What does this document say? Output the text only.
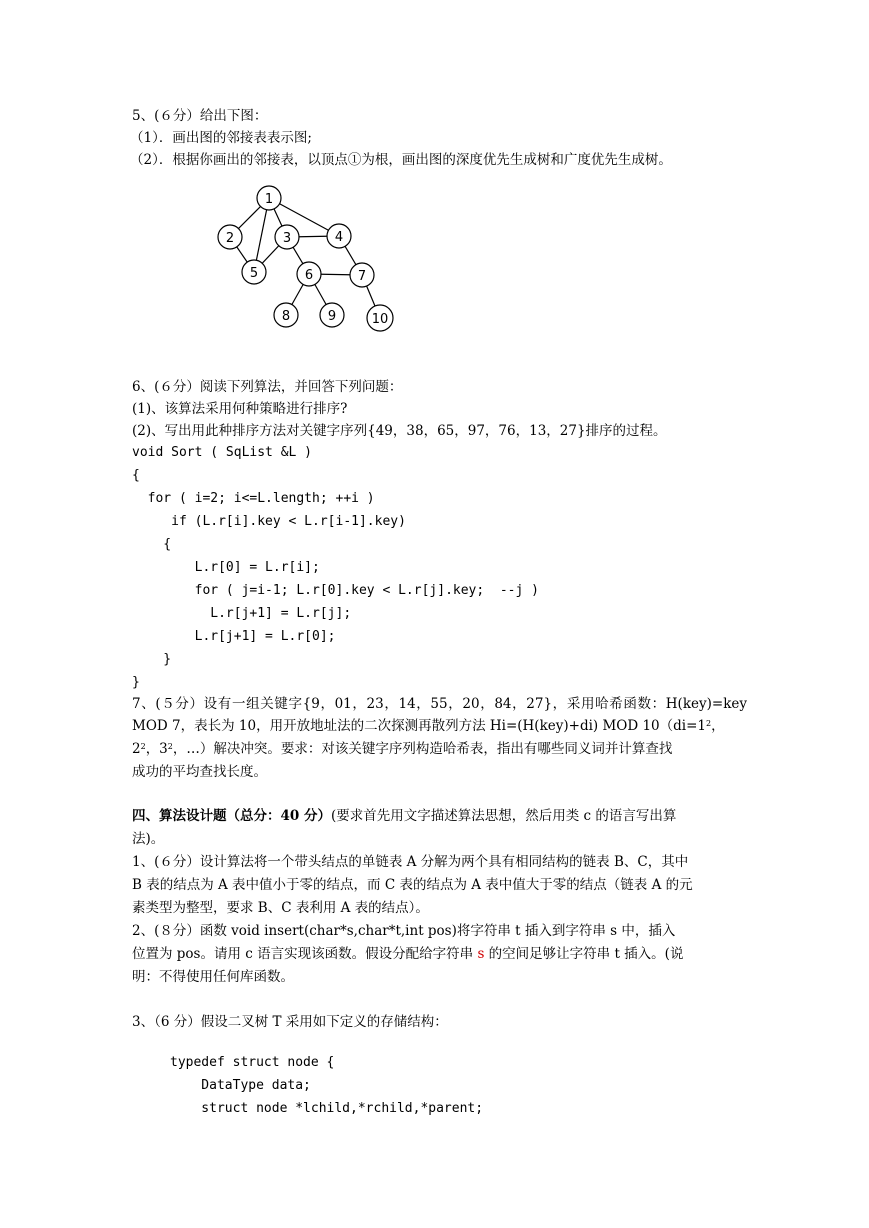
5、(６分）给出下图：
（1）．画出图的邻接表表示图;
（2）．根据你画出的邻接表，以顶点①为根，画出图的深度优先生成树和广度优先生成树。
1
2	3	4
5	6	7
8	9	10
6、(６分）阅读下列算法，并回答下列问题：
(1)、该算法采用何种策略进行排序?
(2)、写出用此种排序方法对关键字序列{49，38，65，97，76，13，27}排序的过程。
void Sort ( SqList &L )
{
for ( i=2; i<=L.length; ++i )
if (L.r[i].key < L.r[i-1].key)
{
L.r[0] = L.r[i];
for ( j=i-1; L.r[0].key < L.r[j].key;  --j )
L.r[j+1] = L.r[j];
L.r[j+1] = L.r[0];
}
}
7、(５分）设有一组关键字{9，01，23，14，55，20，84，27}，采用哈希函数：H(key)=key
MOD 7，表长为 10，用开放地址法的二次探测再散列方法 Hi=(H(key)+di) MOD $10(di=1^2$，
$2^2$，$3^2$，…）解决冲突。要求：对该关键字序列构造哈希表，指出有哪些同义词并计算查找
成功的平均查找长度。
四、算法设计题（总分：40 分）(要求首先用文字描述算法思想，然后用类 c 的语言写出算
法)。
1、(６分）设计算法将一个带头结点的单链表 A 分解为两个具有相同结构的链表 B、C，其中
B 表的结点为 A 表中值小于零的结点，而 C 表的结点为 A 表中值大于零的结点（链表 A 的元
素类型为整型，要求 B、C 表利用 A 表的结点）。
2、(８分）函数 void insert(char*s,char*t,int pos)将字符串 t 插入到字符串 s 中，插入
位置为 pos。请用 c 语言实现该函数。假设分配给字符串 s 的空间足够让字符串 t 插入。(说
明：不得使用任何库函数。
3、（6 分）假设二叉树 T 采用如下定义的存储结构：
typedef struct node {
DataType data;
struct node *lchild,*rchild,*parent;
